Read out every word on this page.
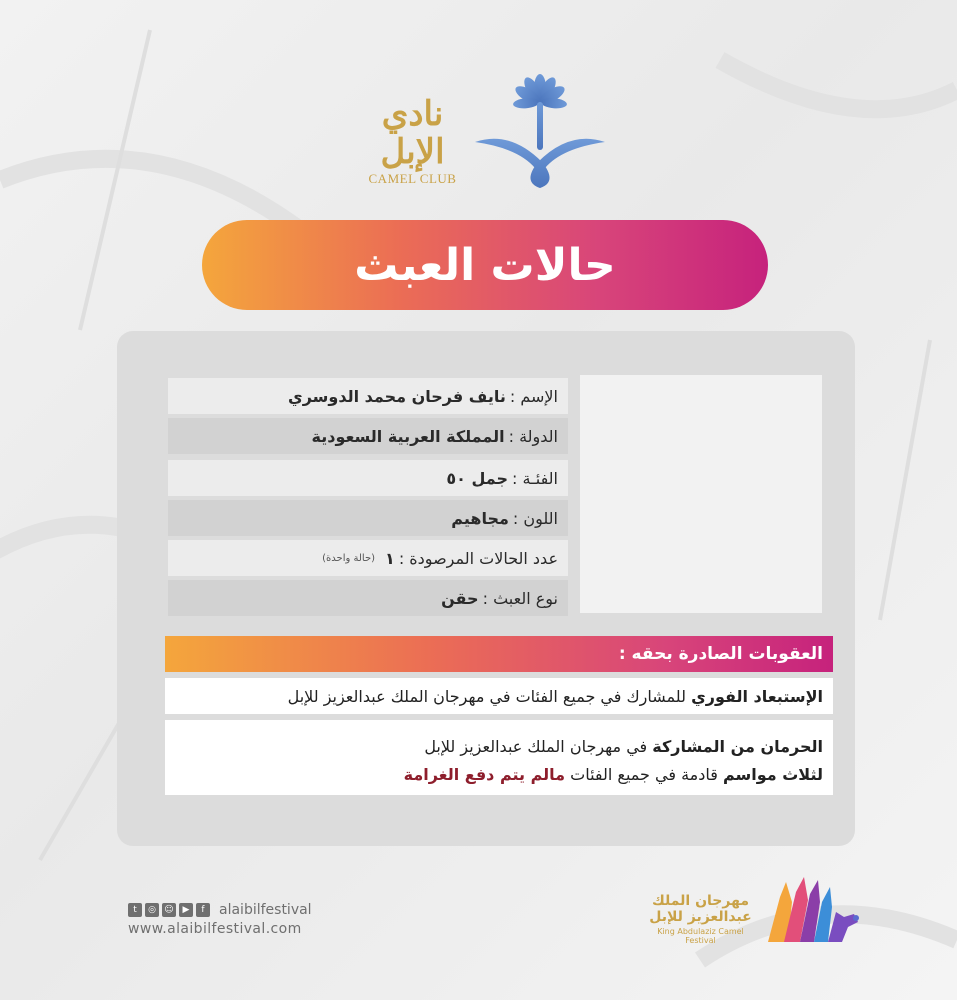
نادي الإبل
CAMEL CLUB
حالات العبث
الإسم :
نايف فرحان محمد الدوسري
الدولة :
المملكة العربية السعودية
الفئـة :
جمل ٥٠
اللون :
مجاهيم
عدد الحالات المرصودة :
١
(حالة واحدة)
نوع العبث :
حقن
العقوبات الصادرة بحقه :
الإستبعاد الفوري للمشارك في جميع الفئات في مهرجان الملك عبدالعزيز للإبل
الحرمان من المشاركة في مهرجان الملك عبدالعزيز للإبل
لثلاث مواسم قادمة في جميع الفئات مالم يتم دفع الغرامة
t	◎ ☺ ▶	f	alaibilfestival
www.alaibilfestival.com
مهرجان الملك عبدالعزيز للإبل
King Abdulaziz Camel Festival
